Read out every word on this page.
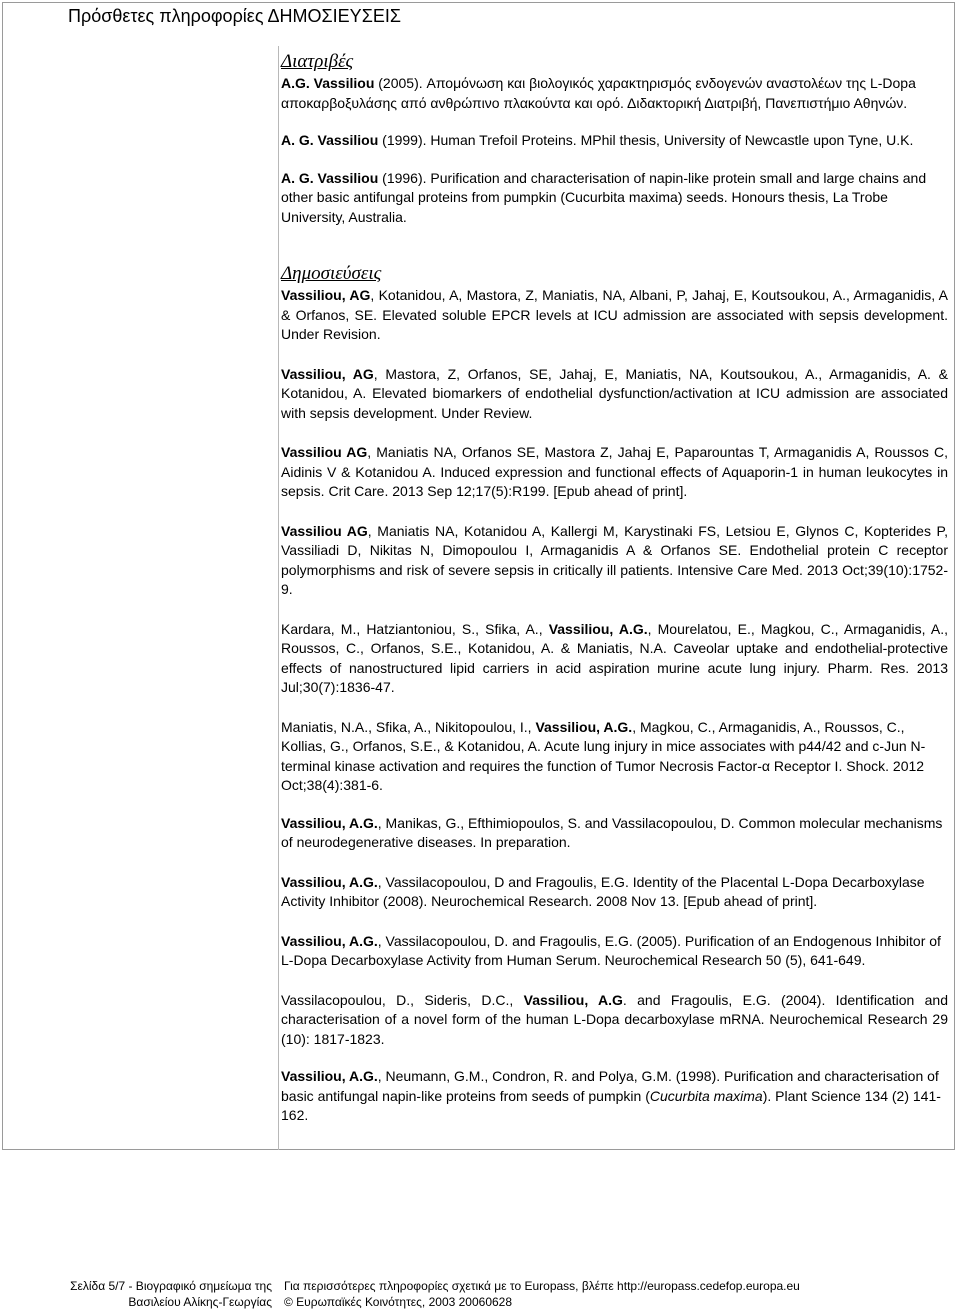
Πρόσθετες πληροφορίες ΔΗΜΟΣΙΕΥΣΕΙΣ
Διατριβές
A.G. Vassiliou (2005). Απομόνωση και βιολογικός χαρακτηρισμός ενδογενών αναστολέων της L-Dopa αποκαρβοξυλάσης από ανθρώπινο πλακούντα και ορό. Διδακτορική Διατριβή, Πανεπιστήμιο Αθηνών.
A. G. Vassiliou (1999). Human Trefoil Proteins. MPhil thesis, University of Newcastle upon Tyne, U.K.
A. G. Vassiliou (1996). Purification and characterisation of napin-like protein small and large chains and other basic antifungal proteins from pumpkin (Cucurbita maxima) seeds. Honours thesis, La Trobe University, Australia.
Δημοσιεύσεις
Vassiliou, AG, Kotanidou, A, Mastora, Z, Maniatis, NA, Albani, P, Jahaj, E, Koutsoukou, A., Armaganidis, A & Orfanos, SE. Elevated soluble EPCR levels at ICU admission are associated with sepsis development. Under Revision.
Vassiliou, AG, Mastora, Z, Orfanos, SE, Jahaj, E, Maniatis, NA, Koutsoukou, A., Armaganidis, A. & Kotanidou, A. Elevated biomarkers of endothelial dysfunction/activation at ICU admission are associated with sepsis development. Under Review.
Vassiliou AG, Maniatis NA, Orfanos SE, Mastora Z, Jahaj E, Paparountas T, Armaganidis A, Roussos C, Aidinis V & Kotanidou A. Induced expression and functional effects of Aquaporin-1 in human leukocytes in sepsis. Crit Care. 2013 Sep 12;17(5):R199. [Epub ahead of print].
Vassiliou AG, Maniatis NA, Kotanidou A, Kallergi M, Karystinaki FS, Letsiou E, Glynos C, Kopterides P, Vassiliadi D, Nikitas N, Dimopoulou I, Armaganidis A & Orfanos SE. Endothelial protein C receptor polymorphisms and risk of severe sepsis in critically ill patients. Intensive Care Med. 2013 Oct;39(10):1752-9.
Kardara, M., Hatziantoniou, S., Sfika, A., Vassiliou, A.G., Mourelatou, E., Magkou, C., Armaganidis, A., Roussos, C., Orfanos, S.E., Kotanidou, A. & Maniatis, N.A. Caveolar uptake and endothelial-protective effects of nanostructured lipid carriers in acid aspiration murine acute lung injury. Pharm. Res. 2013 Jul;30(7):1836-47.
Maniatis, N.A., Sfika, A., Nikitopoulou, I., Vassiliou, A.G., Magkou, C., Armaganidis, A., Roussos, C., Kollias, G., Orfanos, S.E., & Kotanidou, A. Acute lung injury in mice associates with p44/42 and c-Jun N-terminal kinase activation and requires the function of Tumor Necrosis Factor-α Receptor I. Shock. 2012 Oct;38(4):381-6.
Vassiliou, A.G., Manikas, G., Efthimiopoulos, S. and Vassilacopoulou, D. Common molecular mechanisms of neurodegenerative diseases. In preparation.
Vassiliou, A.G., Vassilacopoulou, D and Fragoulis, E.G. Identity of the Placental L-Dopa Decarboxylase Activity Inhibitor (2008). Neurochemical Research. 2008 Nov 13. [Epub ahead of print].
Vassiliou, A.G., Vassilacopoulou, D. and Fragoulis, E.G. (2005). Purification of an Endogenous Inhibitor of L-Dopa Decarboxylase Activity from Human Serum. Neurochemical Research 50 (5), 641-649.
Vassilacopoulou, D., Sideris, D.C., Vassiliou, A.G. and Fragoulis, E.G. (2004). Identification and characterisation of a novel form of the human L-Dopa decarboxylase mRNA. Neurochemical Research 29 (10): 1817-1823.
Vassiliou, A.G., Neumann, G.M., Condron, R. and Polya, G.M. (1998). Purification and characterisation of basic antifungal napin-like proteins from seeds of pumpkin (Cucurbita maxima). Plant Science 134 (2) 141-162.
Σελίδα 5/7 - Βιογραφικό σημείωμα της
Βασιλείου Αλίκης-Γεωργίας
Για περισσότερες πληροφορίες σχετικά με το Europass, βλέπε http://europass.cedefop.europa.eu
© Ευρωπαϊκές Κοινότητες, 2003 20060628
